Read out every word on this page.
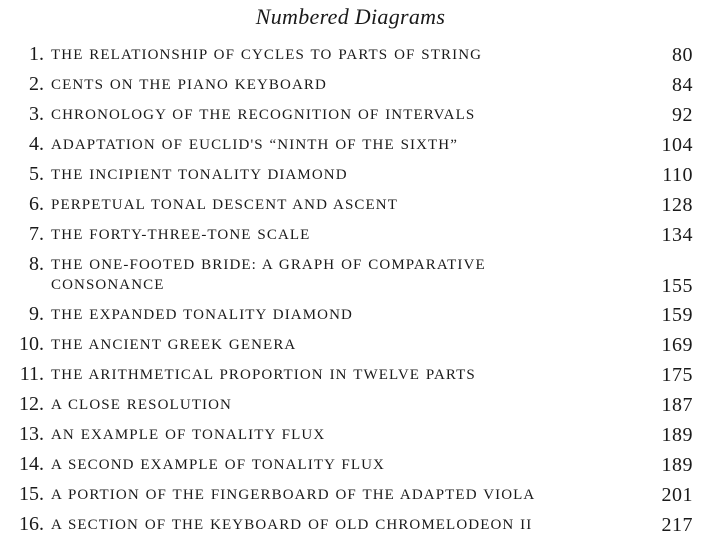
Numbered Diagrams
1. THE RELATIONSHIP OF CYCLES TO PARTS OF STRING	80
2. CENTS ON THE PIANO KEYBOARD	84
3. CHRONOLOGY OF THE RECOGNITION OF INTERVALS	92
4. ADAPTATION OF EUCLID'S “NINTH OF THE SIXTH”	104
5. THE INCIPIENT TONALITY DIAMOND	110
6. PERPETUAL TONAL DESCENT AND ASCENT	128
7. THE FORTY-THREE-TONE SCALE	134
8. THE ONE-FOOTED BRIDE: A GRAPH OF COMPARATIVE CONSONANCE	155
9. THE EXPANDED TONALITY DIAMOND	159
10. THE ANCIENT GREEK GENERA	169
11. THE ARITHMETICAL PROPORTION IN TWELVE PARTS	175
12. A CLOSE RESOLUTION	187
13. AN EXAMPLE OF TONALITY FLUX	189
14. A SECOND EXAMPLE OF TONALITY FLUX	189
15. A PORTION OF THE FINGERBOARD OF THE ADAPTED VIOLA	201
16. A SECTION OF THE KEYBOARD OF OLD CHROMELODEON II	217
